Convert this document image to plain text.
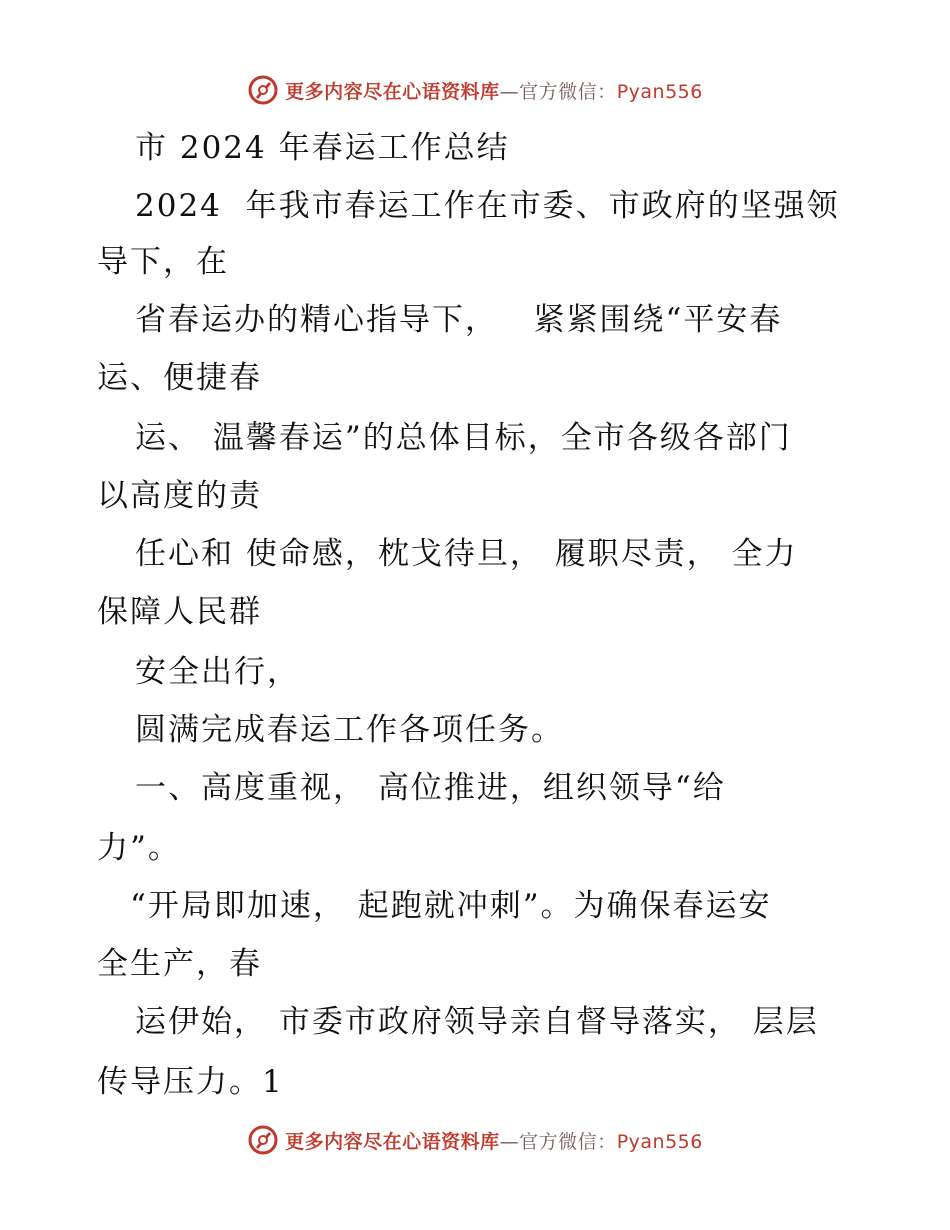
更多内容尽在心语资料库—官方微信：Pyan556
市 2024 年春运工作总结
2024  年我市春运工作在市委、市政府的坚强领
导下，在
省春运办的精心指导下，   紧紧围绕“平安春
运、便捷春
运、 温馨春运”的总体目标，全市各级各部门
以高度的责
任心和 使命感，枕戈待旦， 履职尽责， 全力
保障人民群
安全出行，
圆满完成春运工作各项任务。
一、高度重视， 高位推进，组织领导“给
力”。
“开局即加速， 起跑就冲刺”。为确保春运安
全生产，春
运伊始， 市委市政府领导亲自督导落实， 层层
传导压力。1
更多内容尽在心语资料库—官方微信：Pyan556
